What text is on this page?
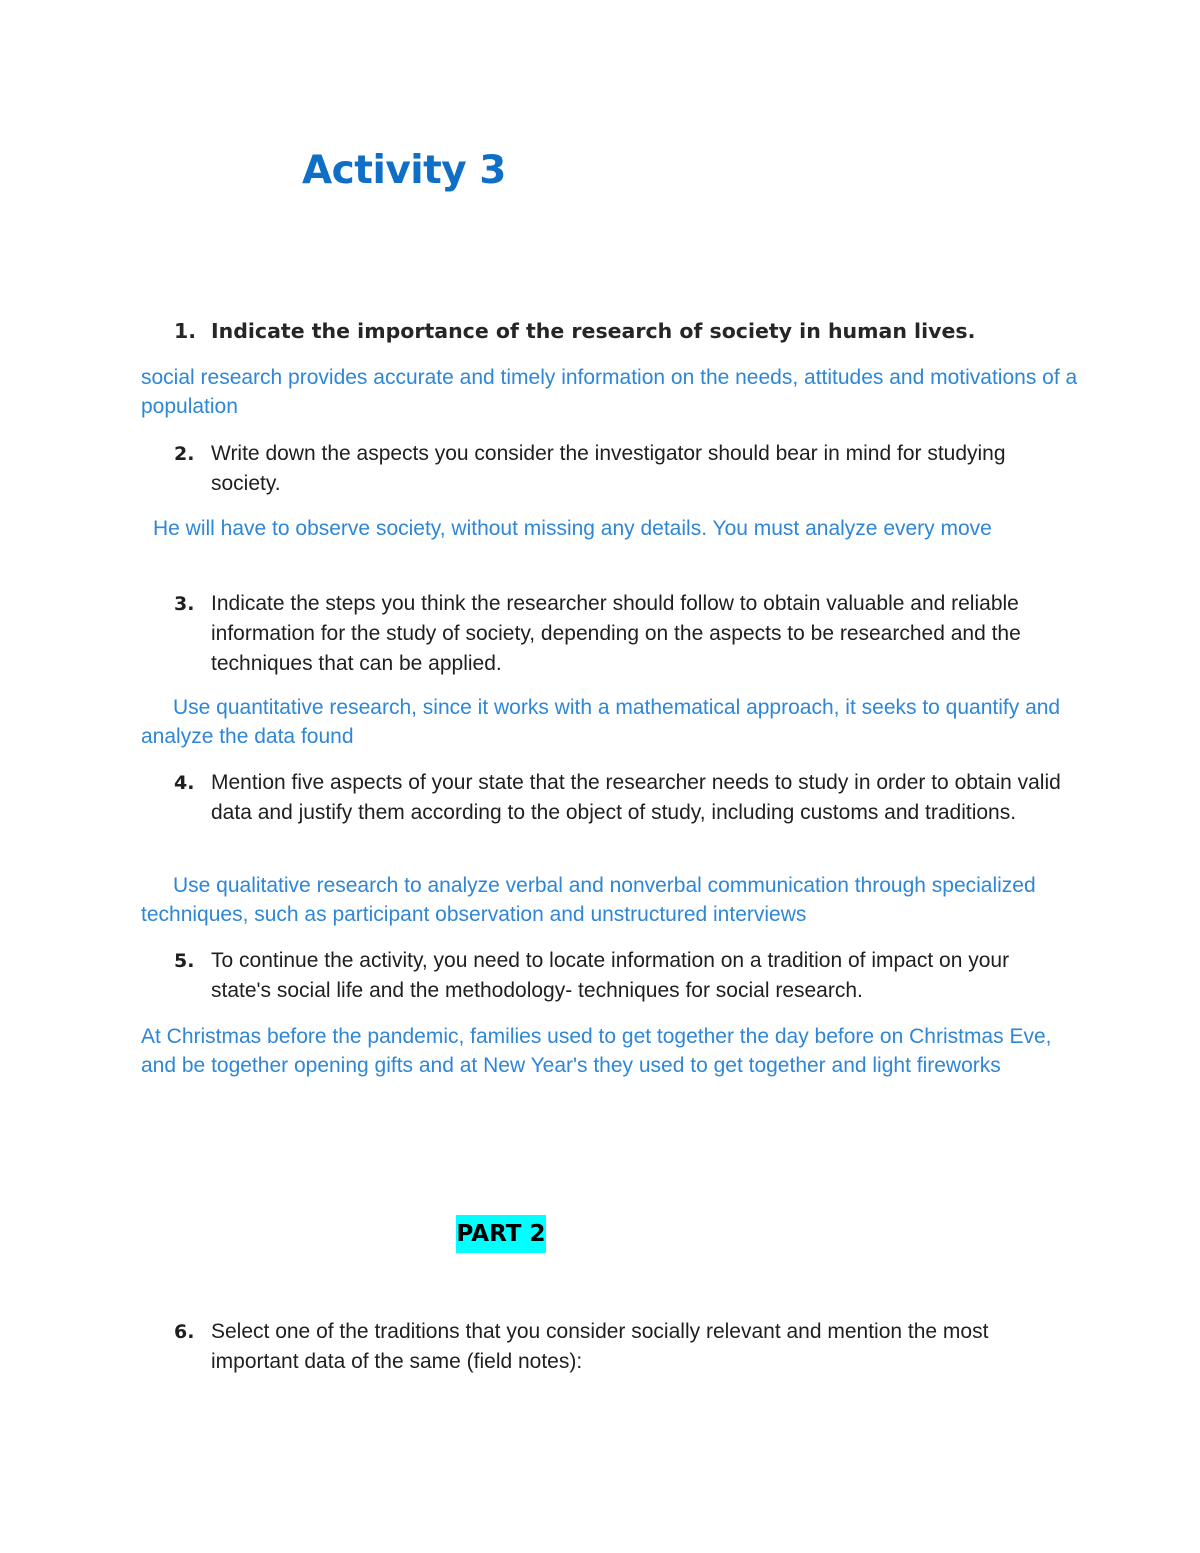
Activity 3
1. Indicate the importance of the research of society in human lives.
social research provides accurate and timely information on the needs, attitudes and motivations of a population
2. Write down the aspects you consider the investigator should bear in mind for studying society.
He will have to observe society, without missing any details. You must analyze every move
3. Indicate the steps you think the researcher should follow to obtain valuable and reliable information for the study of society, depending on the aspects to be researched and the techniques that can be applied.
Use quantitative research, since it works with a mathematical approach, it seeks to quantify and analyze the data found
4. Mention five aspects of your state that the researcher needs to study in order to obtain valid data and justify them according to the object of study, including customs and traditions.
Use qualitative research to analyze verbal and nonverbal communication through specialized techniques, such as participant observation and unstructured interviews
5. To continue the activity, you need to locate information on a tradition of impact on your state's social life and the methodology- techniques for social research.
At Christmas before the pandemic, families used to get together the day before on Christmas Eve, and be together opening gifts and at New Year's they used to get together and light fireworks
PART 2
6. Select one of the traditions that you consider socially relevant and mention the most important data of the same (field notes):
